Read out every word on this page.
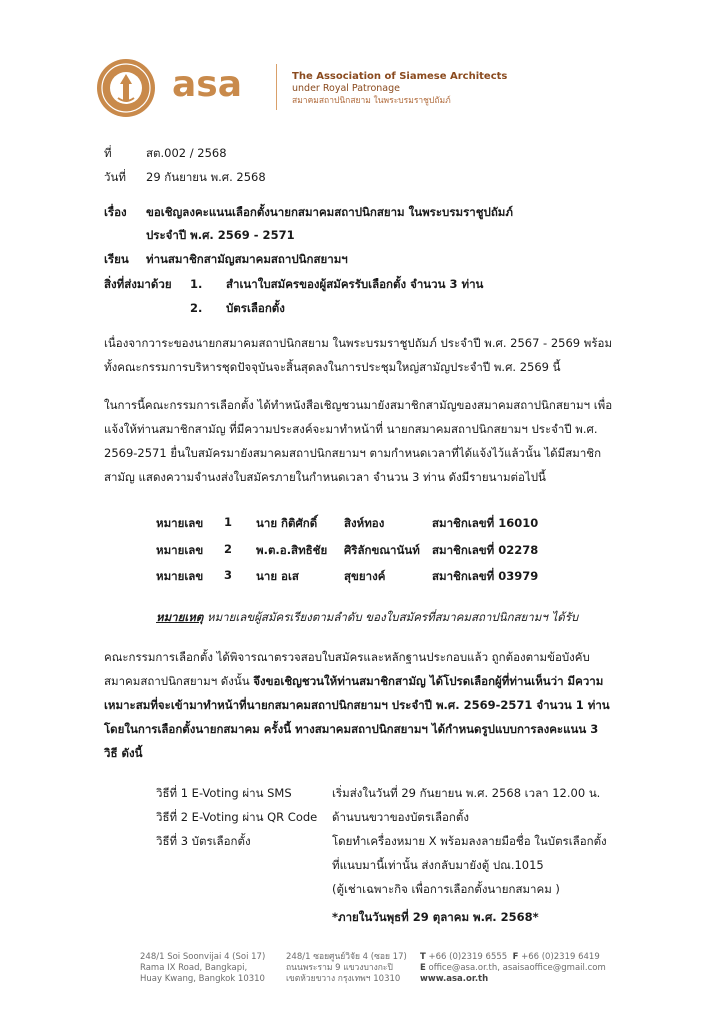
asa	The Association of Siamese Architects
under Royal Patronage
สมาคมสถาปนิกสยาม ในพระบรมราชูปถัมภ์
ที่	สต.002 / 2568
วันที่ 29 กันยายน พ.ศ. 2568
เรื่อง ขอเชิญลงคะแนนเลือกตั้งนายกสมาคมสถาปนิกสยาม ในพระบรมราชูปถัมภ์
ประจำปี พ.ศ. 2569 - 2571
เรียน ท่านสมาชิกสามัญสมาคมสถาปนิกสยามฯ
สิ่งที่ส่งมาด้วย 1. สำเนาใบสมัครของผู้สมัครรับเลือกตั้ง จำนวน 3 ท่าน
2. บัตรเลือกตั้ง
เนื่องจากวาระของนายกสมาคมสถาปนิกสยาม ในพระบรมราชูปถัมภ์ ประจำปี พ.ศ. 2567 - 2569 พร้อม
ทั้งคณะกรรมการบริหารชุดปัจจุบันจะสิ้นสุดลงในการประชุมใหญ่สามัญประจำปี พ.ศ. 2569 นี้
ในการนี้คณะกรรมการเลือกตั้ง ได้ทำหนังสือเชิญชวนมายังสมาชิกสามัญของสมาคมสถาปนิกสยามฯ เพื่อ
แจ้งให้ท่านสมาชิกสามัญ ที่มีความประสงค์จะมาทำหน้าที่ นายกสมาคมสถาปนิกสยามฯ ประจำปี พ.ศ.
2569-2571 ยื่นใบสมัครมายังสมาคมสถาปนิกสยามฯ ตามกำหนดเวลาที่ได้แจ้งไว้แล้วนั้น ได้มีสมาชิก
สามัญ แสดงความจำนงส่งใบสมัครภายในกำหนดเวลา จำนวน 3 ท่าน ดังมีรายนามต่อไปนี้
หมายเลข 1 นาย กิติศักดิ์ สิงห์ทอง	สมาชิกเลขที่ 16010
หมายเลข 2 พ.ต.อ.สิทธิชัย ศิริลักขณานันท์ สมาชิกเลขที่ 02278
หมายเลข 3 นาย อเส	สุขยางค์	สมาชิกเลขที่ 03979
หมายเหตุ หมายเลขผู้สมัครเรียงตามลำดับ ของใบสมัครที่สมาคมสถาปนิกสยามฯ ได้รับ
คณะกรรมการเลือกตั้ง ได้พิจารณาตรวจสอบใบสมัครและหลักฐานประกอบแล้ว ถูกต้องตามข้อบังคับ
สมาคมสถาปนิกสยามฯ ดังนั้น จึงขอเชิญชวนให้ท่านสมาชิกสามัญ ได้โปรดเลือกผู้ที่ท่านเห็นว่า มีความ
เหมาะสมที่จะเข้ามาทำหน้าที่นายกสมาคมสถาปนิกสยามฯ ประจำปี พ.ศ. 2569-2571 จำนวน 1 ท่าน
โดยในการเลือกตั้งนายกสมาคม ครั้งนี้ ทางสมาคมสถาปนิกสยามฯ ได้กำหนดรูปแบบการลงคะแนน 3
วิธี ดังนี้
วิธีที่ 1 E-Voting ผ่าน SMS	เริ่มส่งในวันที่ 29 กันยายน พ.ศ. 2568 เวลา 12.00 น.
วิธีที่ 2 E-Voting ผ่าน QR Code ด้านบนขวาของบัตรเลือกตั้ง
วิธีที่ 3 บัตรเลือกตั้ง	โดยทำเครื่องหมาย X พร้อมลงลายมือชื่อ ในบัตรเลือกตั้ง
ที่แนบมานี้เท่านั้น ส่งกลับมายังตู้ ปณ.1015
(ตู้เช่าเฉพาะกิจ เพื่อการเลือกตั้งนายกสมาคม )
*ภายในวันพุธที่ 29 ตุลาคม พ.ศ. 2568*
248/1 Soi Soonvijai 4 (Soi 17)
Rama IX Road, Bangkapi,
Huay Kwang, Bangkok 10310
248/1 ซอยศูนย์วิจัย 4 (ซอย 17)
ถนนพระราม 9 แขวงบางกะปิ
เขตห้วยขวาง กรุงเทพฯ 10310
T +66 (0)2319 6555 F +66 (0)2319 6419
E office@asa.or.th, asaisaoffice@gmail.com
www.asa.or.th
